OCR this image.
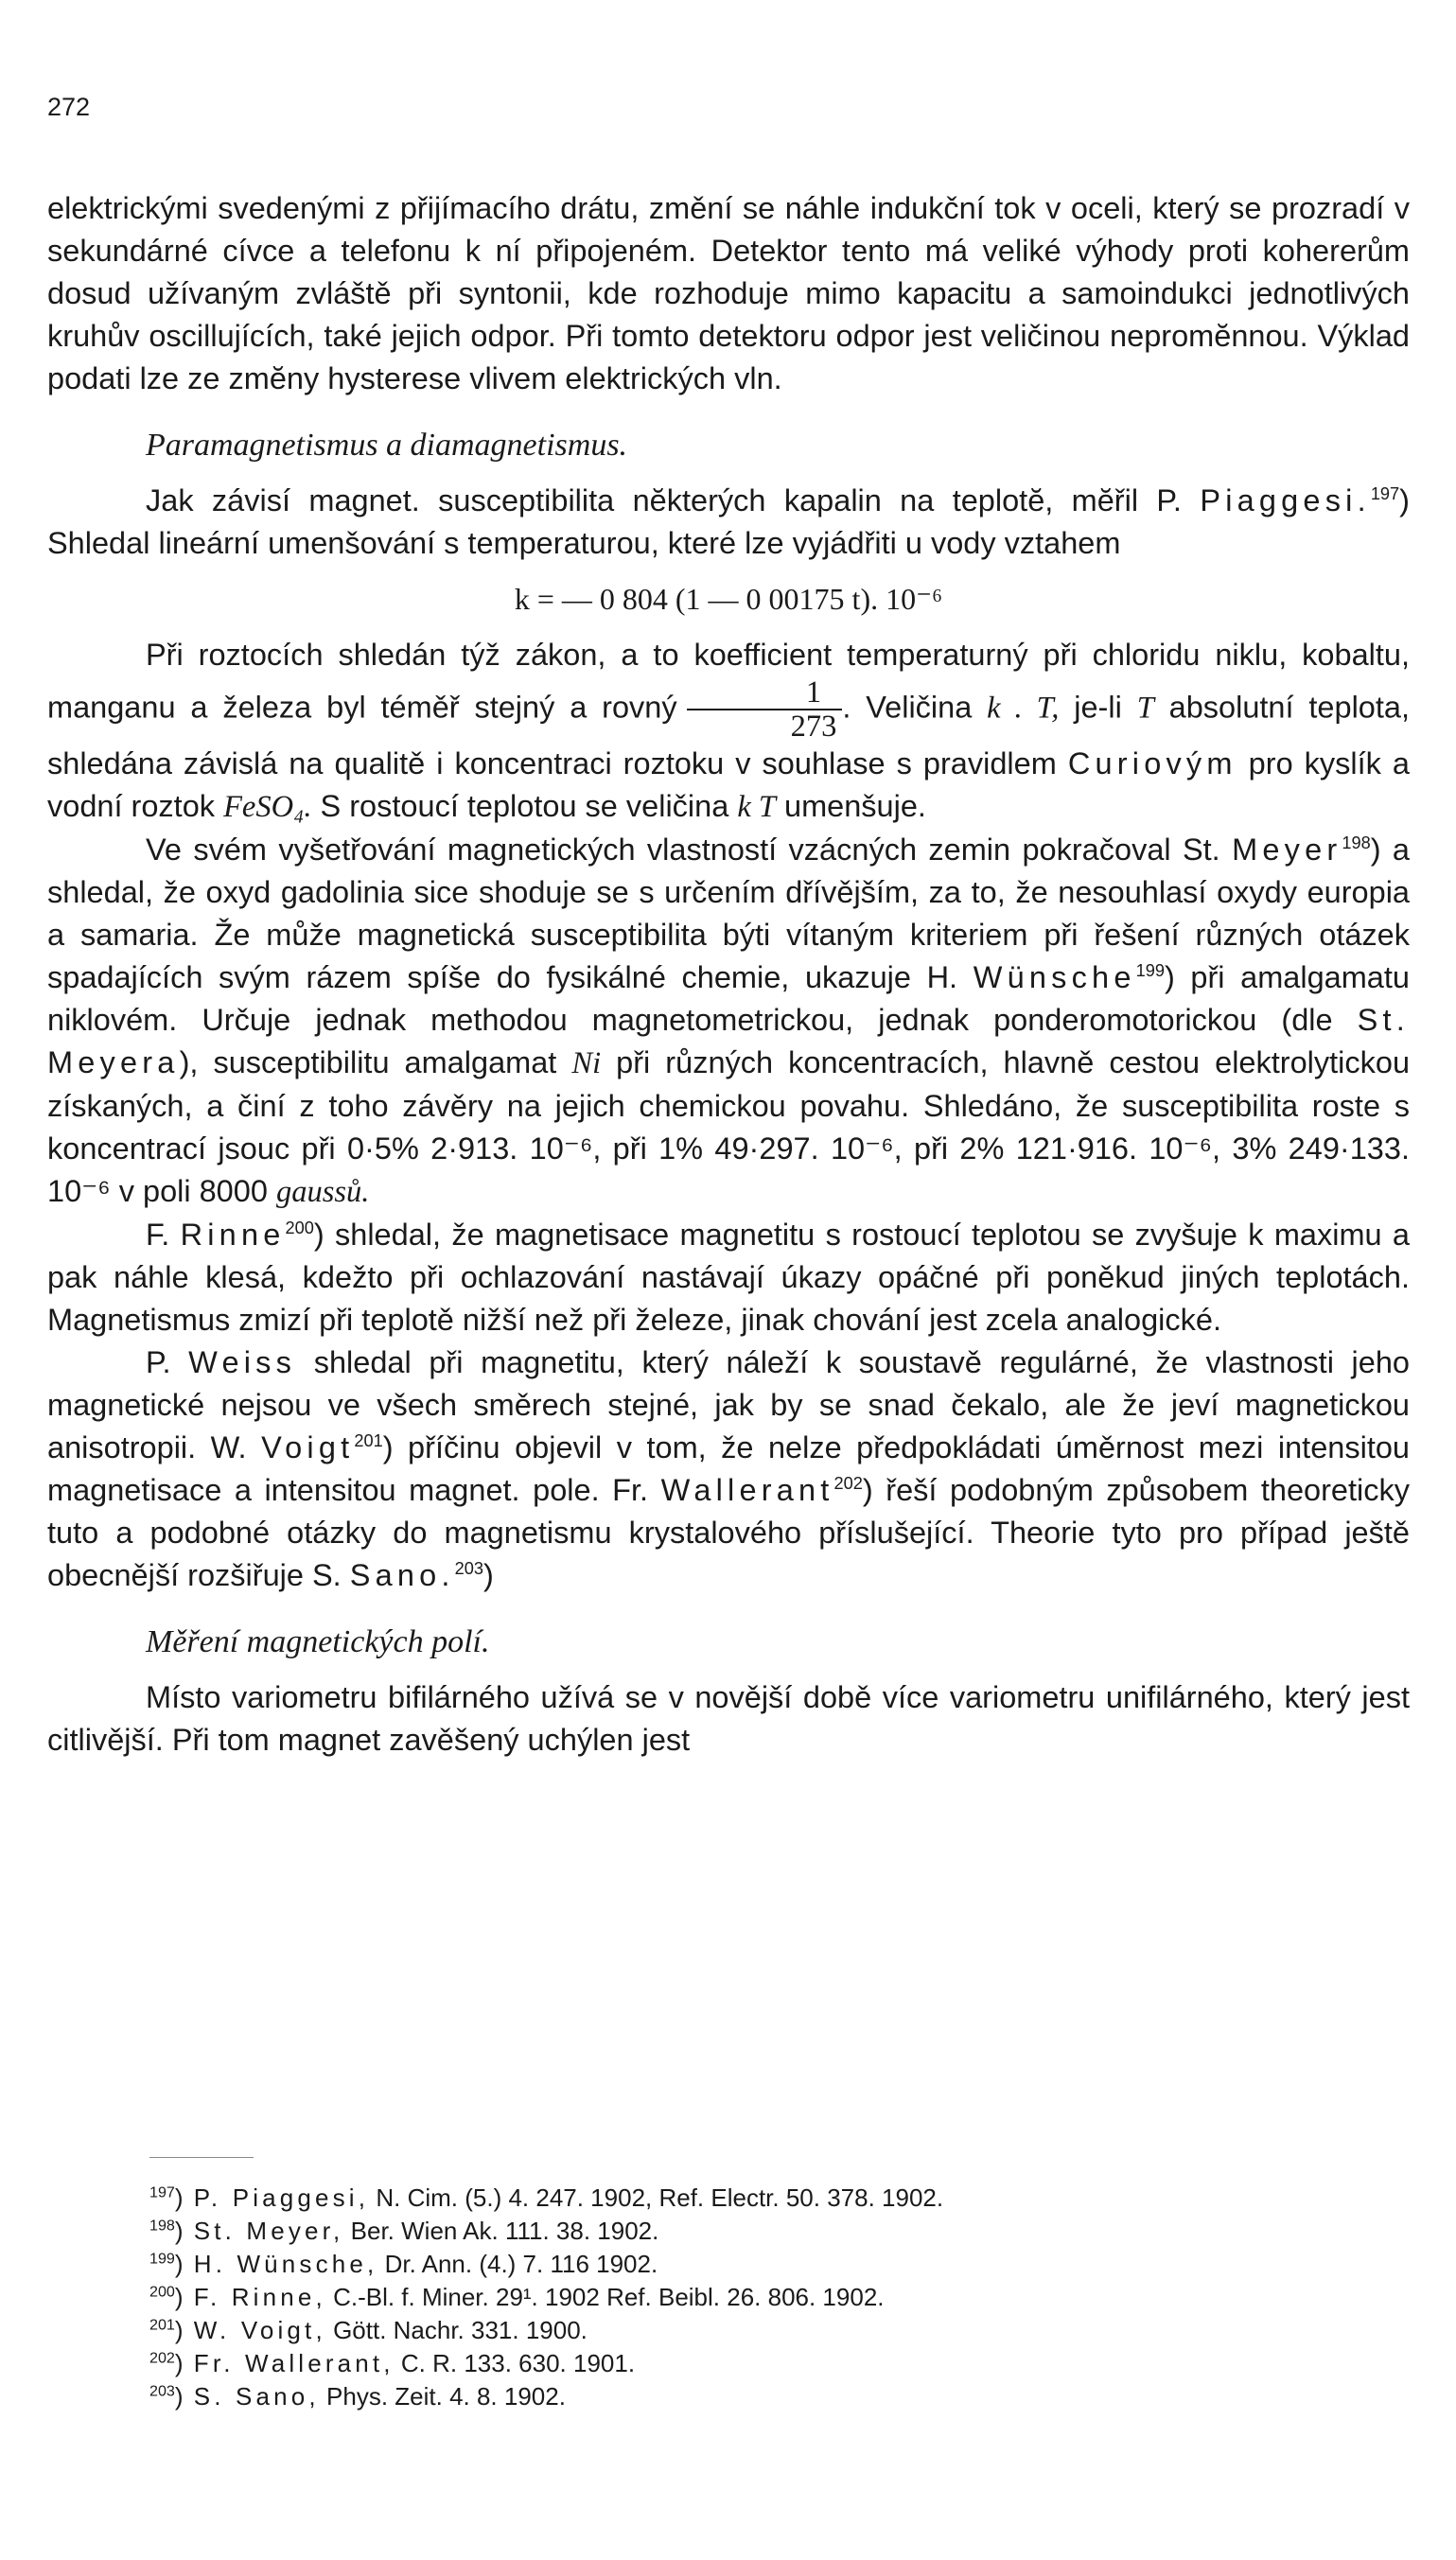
272

elektrickými svedenými z přijímacího drátu, změní se náhle indukční tok v oceli, který se prozradí v sekundárné cívce a telefonu k ní připojeném. Detektor tento má veliké výhody proti kohererům dosud užívaným zvláště při syntonii, kde rozhoduje mimo kapacitu a samoindukci jednotlivých kruhův oscillujících, také jejich odpor. Při tomto detektoru odpor jest veličinou nepromĕnnou. Výklad podati lze ze zmĕny hysterese vlivem elektrických vln.

Paramagnetismus a diamagnetismus.

Jak závisí magnet. susceptibilita nĕkterých kapalin na teplotĕ, mĕřil P. Piaggesi.$^{197}$) Shledal lineární umenšování s temperaturou, které lze vyjádřiti u vody vztahem

k = — 0 804 (1 — 0 00175 t). 10⁻⁶

Při roztocích shledán týž zákon, a to koefficient temperaturný při chloridu niklu, kobaltu, manganu a železa byl téměř stejný a rovný $\frac{1}{273}$ . Veličina k . T, je-li T absolutní teplota, shledána závislá na qualitě i koncentraci roztoku v souhlase s pravidlem Curiovým pro kyslík a vodní roztok FeSO₄. S rostoucí teplotou se veličina k T umenšuje.

Ve svém vyšetřování magnetických vlastností vzácných zemin pokračoval St. Meyer$^{198}$) a shledal, že oxyd gadolinia sice shoduje se s určením dřívějším, za to, že nesouhlasí oxydy europia a samaria. Že může magnetická susceptibilita býti vítaným kriteriem při řešení různých otázek spadajících svým rázem spíše do fysikálné chemie, ukazuje H. Wünsche$^{199}$) při amalgamatu niklovém. Určuje jednak methodou magnetometrickou, jednak ponderomotorickou (dle St. Meyera), susceptibilitu amalgamat Ni při různých koncentracích, hlavně cestou elektrolytickou získaných, a činí z toho závěry na jejich chemickou povahu. Shledáno, že susceptibilita roste s koncentrací jsouc při 0·5% 2·913. 10⁻⁶, při 1% 49·297. 10⁻⁶, při 2% 121·916. 10⁻⁶, 3% 249·133. 10⁻⁶ v poli 8000 gaussů.

F. Rinne$^{200}$) shledal, že magnetisace magnetitu s rostoucí teplotou se zvyšuje k maximu a pak náhle klesá, kdežto při ochlazování nastávají úkazy opáčné při poněkud jiných teplotách. Magnetismus zmizí při teplotě nižší než při železe, jinak chování jest zcela analogické.

P. Weiss shledal při magnetitu, který náleží k soustavě regulárné, že vlastnosti jeho magnetické nejsou ve všech směrech stejné, jak by se snad čekalo, ale že jeví magnetickou anisotropii. W. Voigt$^{201}$) příčinu objevil v tom, že nelze předpokládati úměrnost mezi intensitou magnetisace a intensitou magnet. pole. Fr. Wallerant$^{202}$) řeší podobným způsobem theoreticky tuto a podobné otázky do magnetismu krystalového příslušející. Theorie tyto pro případ ještě obecnější rozšiřuje S. Sano.$^{203}$)

Měření magnetických polí.

Místo variometru bifilárného užívá se v novější době více variometru unifilárného, který jest citlivější. Při tom magnet zavěšený uchýlen jest

$^{197}$) P. Piaggesi, N. Cim. (5.) 4. 247. 1902, Ref. Electr. 50. 378. 1902.
$^{198}$) St. Meyer, Ber. Wien Ak. 111. 38. 1902.
$^{199}$) H. Wünsche, Dr. Ann. (4.) 7. 116 1902.
$^{200}$) F. Rinne, C.-Bl. f. Miner. 29¹. 1902 Ref. Beibl. 26. 806. 1902.
$^{201}$) W. Voigt, Gött. Nachr. 331. 1900.
$^{202}$) Fr. Wallerant, C. R. 133. 630. 1901.
$^{203}$) S. Sano, Phys. Zeit. 4. 8. 1902.
